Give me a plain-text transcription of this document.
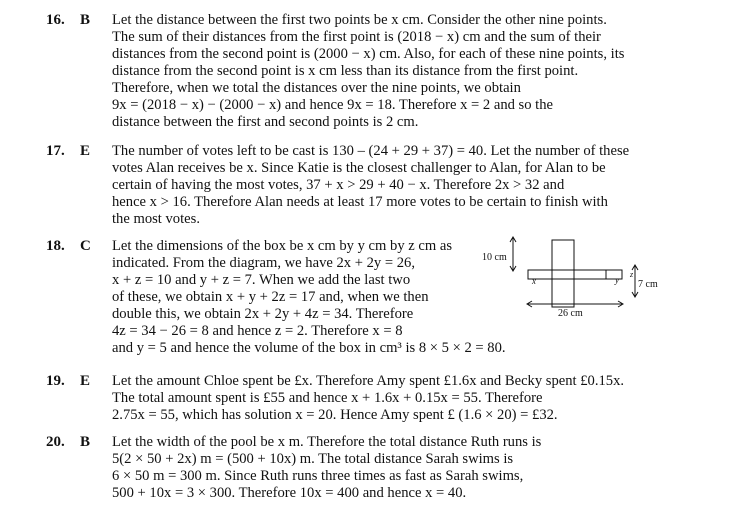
16. B Let the distance between the first two points be x cm. Consider the other nine points.
The sum of their distances from the first point is (2018 − x) cm and the sum of their
distances from the second point is (2000 − x) cm. Also, for each of these nine points, its
distance from the second point is x cm less than its distance from the first point.
Therefore, when we total the distances over the nine points, we obtain
9x = (2018 − x) − (2000 − x) and hence 9x = 18. Therefore x = 2 and so the
distance between the first and second points is 2 cm.
17. E The number of votes left to be cast is 130 – (24 + 29 + 37) = 40. Let the number of these
votes Alan receives be x. Since Katie is the closest challenger to Alan, for Alan to be
certain of having the most votes, 37 + x > 29 + 40 − x. Therefore 2x > 32 and
hence x > 16. Therefore Alan needs at least 17 more votes to be certain to finish with
the most votes.
18. C Let the dimensions of the box be x cm by y cm by z cm as
indicated. From the diagram, we have 2x + 2y = 26,
x + z = 10 and y + z = 7. When we add the last two
of these, we obtain x + y + 2z = 17 and, when we then
double this, we obtain 2x + 2y + 4z = 34. Therefore
4z = 34 − 26 = 8 and hence z = 2. Therefore x = 8
and y = 5 and hence the volume of the box in cm³ is 8 × 5 × 2 = 80.
10 cm
x	y
z
7 cm
26 cm
19. E Let the amount Chloe spent be £x. Therefore Amy spent £1.6x and Becky spent £0.15x.
The total amount spent is £55 and hence x + 1.6x + 0.15x = 55. Therefore
2.75x = 55, which has solution x = 20. Hence Amy spent £ (1.6 × 20) = £32.
20. B Let the width of the pool be x m. Therefore the total distance Ruth runs is
5(2 × 50 + 2x) m = (500 + 10x) m. The total distance Sarah swims is
6 × 50 m = 300 m. Since Ruth runs three times as fast as Sarah swims,
500 + 10x = 3 × 300. Therefore 10x = 400 and hence x = 40.
